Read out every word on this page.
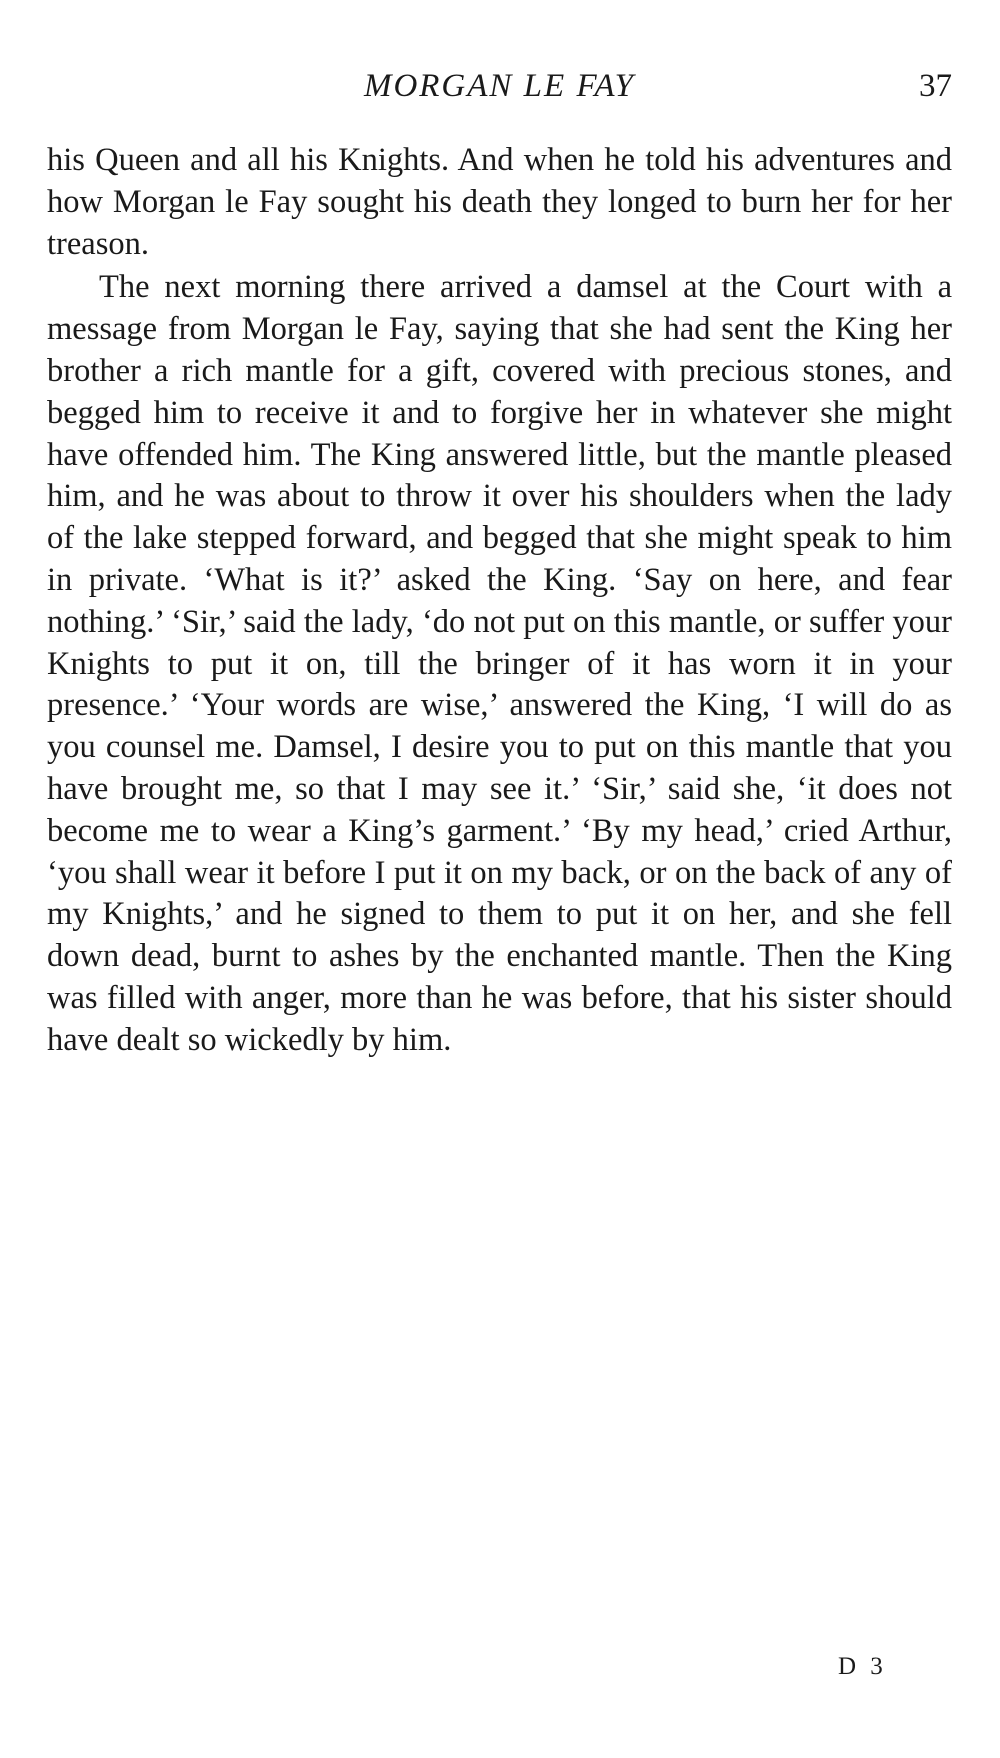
MORGAN LE FAY	37

his Queen and all his Knights. And when he told his adventures and how Morgan le Fay sought his death they longed to burn her for her treason.

The next morning there arrived a damsel at the Court with a message from Morgan le Fay, saying that she had sent the King her brother a rich mantle for a gift, covered with precious stones, and begged him to receive it and to forgive her in whatever she might have offended him. The King answered little, but the mantle pleased him, and he was about to throw it over his shoulders when the lady of the lake stepped forward, and begged that she might speak to him in private. ‘What is it?’ asked the King. ‘Say on here, and fear nothing.’ ‘Sir,’ said the lady, ‘do not put on this mantle, or suffer your Knights to put it on, till the bringer of it has worn it in your presence.’ ‘Your words are wise,’ answered the King, ‘I will do as you counsel me. Damsel, I desire you to put on this mantle that you have brought me, so that I may see it.’ ‘Sir,’ said she, ‘it does not become me to wear a King’s garment.’ ‘By my head,’ cried Arthur, ‘you shall wear it before I put it on my back, or on the back of any of my Knights,’ and he signed to them to put it on her, and she fell down dead, burnt to ashes by the enchanted mantle. Then the King was filled with anger, more than he was before, that his sister should have dealt so wickedly by him.

D 3
